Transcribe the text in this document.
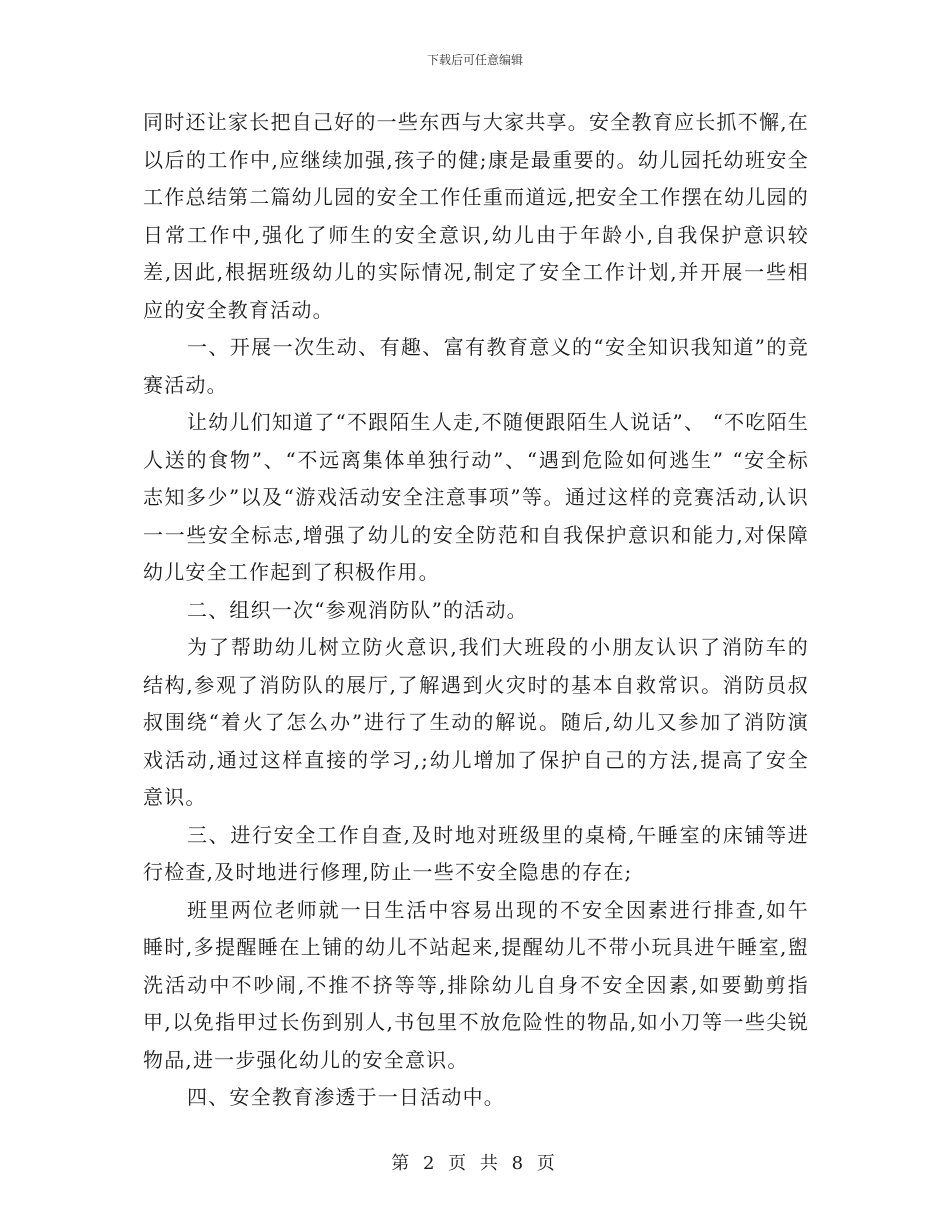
下载后可任意编辑

同时还让家长把自己好的一些东西与大家共享。安全教育应长抓不懈,在以后的工作中,应继续加强,孩子的健;康是最重要的。幼儿园托幼班安全工作总结第二篇幼儿园的安全工作任重而道远,把安全工作摆在幼儿园的日常工作中,强化了师生的安全意识,幼儿由于年龄小,自我保护意识较差,因此,根据班级幼儿的实际情况,制定了安全工作计划,并开展一些相应的安全教育活动。

一、开展一次生动、有趣、富有教育意义的“安全知识我知道”的竞赛活动。

让幼儿们知道了“不跟陌生人走,不随便跟陌生人说话”、 “不吃陌生人送的食物”、“不远离集体单独行动”、“遇到危险如何逃生” “安全标志知多少”以及“游戏活动安全注意事项”等。通过这样的竞赛活动,认识一一些安全标志,增强了幼儿的安全防范和自我保护意识和能力,对保障幼儿安全工作起到了积极作用。

二、组织一次“参观消防队”的活动。

为了帮助幼儿树立防火意识,我们大班段的小朋友认识了消防车的结构,参观了消防队的展厅,了解遇到火灾时的基本自救常识。消防员叔叔围绕“着火了怎么办”进行了生动的解说。随后,幼儿又参加了消防演戏活动,通过这样直接的学习,;幼儿增加了保护自己的方法,提高了安全意识。

三、进行安全工作自查,及时地对班级里的桌椅,午睡室的床铺等进行检查,及时地进行修理,防止一些不安全隐患的存在;

班里两位老师就一日生活中容易出现的不安全因素进行排查,如午睡时,多提醒睡在上铺的幼儿不站起来,提醒幼儿不带小玩具进午睡室,盥洗活动中不吵闹,不推不挤等等,排除幼儿自身不安全因素,如要勤剪指甲,以免指甲过长伤到别人,书包里不放危险性的物品,如小刀等一些尖锐物品,进一步强化幼儿的安全意识。

四、安全教育渗透于一日活动中。

第 2 页 共 8 页
